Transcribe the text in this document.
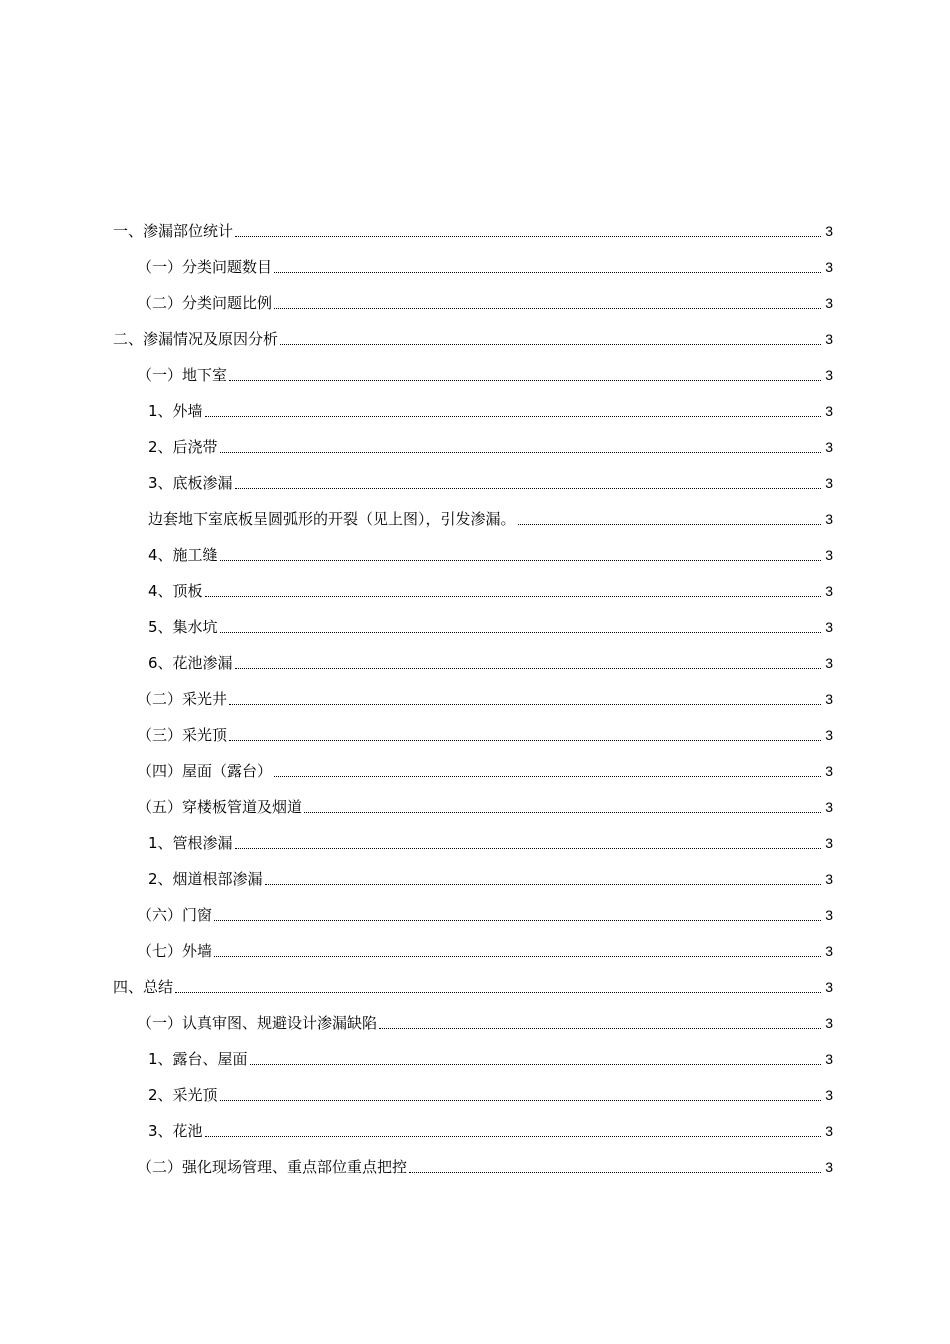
一、渗漏部位统计	3
（一）分类问题数目	3
（二）分类问题比例	3
二、渗漏情况及原因分析	3
（一）地下室	3
1、外墙	3
2、后浇带	3
3、底板渗漏	3
边套地下室底板呈圆弧形的开裂（见上图），引发渗漏。	3
4、施工缝	3
4、顶板	3
5、集水坑	3
6、花池渗漏	3
（二）采光井	3
（三）采光顶	3
（四）屋面（露台）	3
（五）穿楼板管道及烟道	3
1、管根渗漏	3
2、烟道根部渗漏	3
（六）门窗	3
（七）外墙	3
四、总结	3
（一）认真审图、规避设计渗漏缺陷	3
1、露台、屋面	3
2、采光顶	3
3、花池	3
（二）强化现场管理、重点部位重点把控	3
